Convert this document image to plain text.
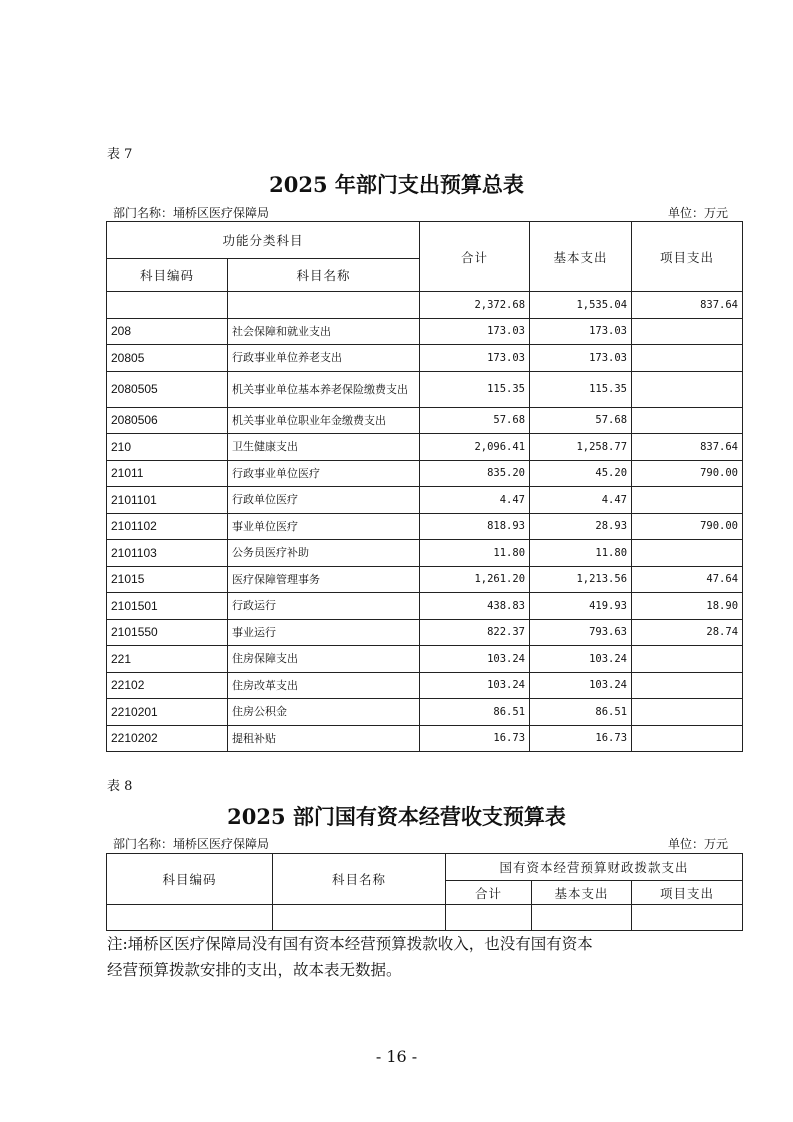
表 7
2025 年部门支出预算总表
部门名称：埇桥区医疗保障局	单位：万元
功能分类科目		合计	基本支出	项目支出
科目编码	科目名称			
		2,372.68	1,535.04	837.64
208	社会保障和就业支出	173.03	173.03	
20805	行政事业单位养老支出	173.03	173.03	
2080505	机关事业单位基本养老保险缴费支出	115.35	115.35	
2080506	机关事业单位职业年金缴费支出	57.68	57.68	
210	卫生健康支出	2,096.41	1,258.77	837.64
21011	行政事业单位医疗	835.20	45.20	790.00
2101101	行政单位医疗	4.47	4.47	
2101102	事业单位医疗	818.93	28.93	790.00
2101103	公务员医疗补助	11.80	11.80	
21015	医疗保障管理事务	1,261.20	1,213.56	47.64
2101501	行政运行	438.83	419.93	18.90
2101550	事业运行	822.37	793.63	28.74
221	住房保障支出	103.24	103.24	
22102	住房改革支出	103.24	103.24	
2210201	住房公积金	86.51	86.51	
2210202	提租补贴	16.73	16.73	
表 8
2025 部门国有资本经营收支预算表
部门名称：埇桥区医疗保障局	单位：万元
科目编码	科目名称	国有资本经营预算财政拨款支出		
		合计	基本支出	项目支出

注:埇桥区医疗保障局没有国有资本经营预算拨款收入，也没有国有资本
经营预算拨款安排的支出，故本表无数据。
- 16 -
